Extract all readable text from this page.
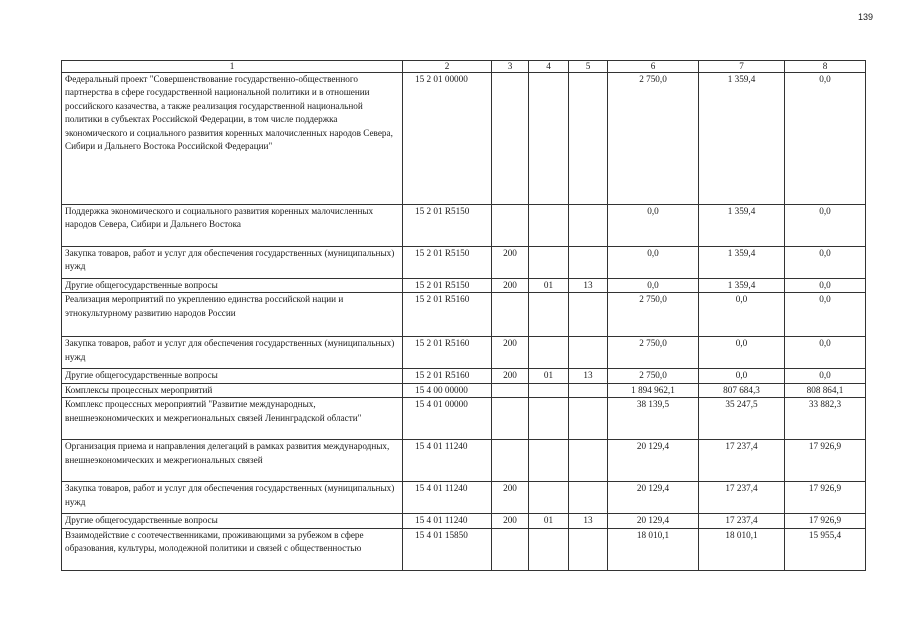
139
1	2	3	4	5	6	7	8
Федеральный проект "Совершенствование государственно-общественного партнерства в сфере государственной национальной политики и в отношении российского казачества, а также реализация государственной национальной политики в субъектах Российской Федерации, в том числе поддержка экономического и социального развития коренных малочисленных народов Севера, Сибири и Дальнего Востока Российской Федерации"	15 2 01 00000				2 750,0	1 359,4	0,0
Поддержка экономического и социального развития коренных малочисленных народов Севера, Сибири и Дальнего Востока	15 2 01 R5150				0,0	1 359,4	0,0
Закупка товаров, работ и услуг для обеспечения государственных (муниципальных) нужд	15 2 01 R5150	200			0,0	1 359,4	0,0
Другие общегосударственные вопросы	15 2 01 R5150	200	01	13	0,0	1 359,4	0,0
Реализация мероприятий по укреплению единства российской нации и этнокультурному развитию народов России	15 2 01 R5160				2 750,0	0,0	0,0
Закупка товаров, работ и услуг для обеспечения государственных (муниципальных) нужд	15 2 01 R5160	200			2 750,0	0,0	0,0
Другие общегосударственные вопросы	15 2 01 R5160	200	01	13	2 750,0	0,0	0,0
Комплексы процессных мероприятий	15 4 00 00000				1 894 962,1	807 684,3	808 864,1
Комплекс процессных мероприятий "Развитие международных, внешнеэкономических и межрегиональных связей Ленинградской области"	15 4 01 00000				38 139,5	35 247,5	33 882,3
Организация приема и направления делегаций в рамках развития международных, внешнеэкономических и межрегиональных связей	15 4 01 11240				20 129,4	17 237,4	17 926,9
Закупка товаров, работ и услуг для обеспечения государственных (муниципальных) нужд	15 4 01 11240	200			20 129,4	17 237,4	17 926,9
Другие общегосударственные вопросы	15 4 01 11240	200	01	13	20 129,4	17 237,4	17 926,9
Взаимодействие с соотечественниками, проживающими за рубежом в сфере образования, культуры, молодежной политики и связей с общественностью	15 4 01 15850				18 010,1	18 010,1	15 955,4
